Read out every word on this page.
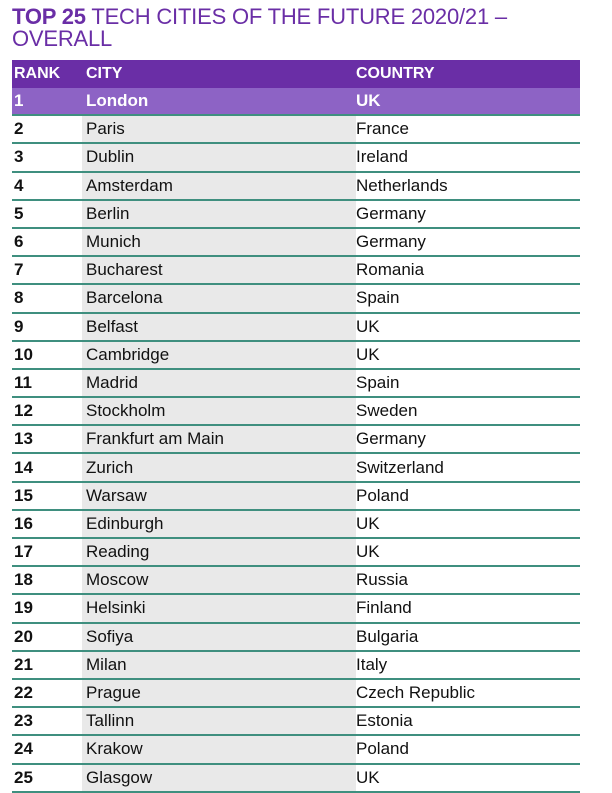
TOP 25 TECH CITIES OF THE FUTURE 2020/21 – OVERALL
RANK	CITY	COUNTRY
1	London	UK
2	Paris	France
3	Dublin	Ireland
4	Amsterdam	Netherlands
5	Berlin	Germany
6	Munich	Germany
7	Bucharest	Romania
8	Barcelona	Spain
9	Belfast	UK
10	Cambridge	UK
11	Madrid	Spain
12	Stockholm	Sweden
13	Frankfurt am Main	Germany
14	Zurich	Switzerland
15	Warsaw	Poland
16	Edinburgh	UK
17	Reading	UK
18	Moscow	Russia
19	Helsinki	Finland
20	Sofiya	Bulgaria
21	Milan	Italy
22	Prague	Czech Republic
23	Tallinn	Estonia
24	Krakow	Poland
25	Glasgow	UK
